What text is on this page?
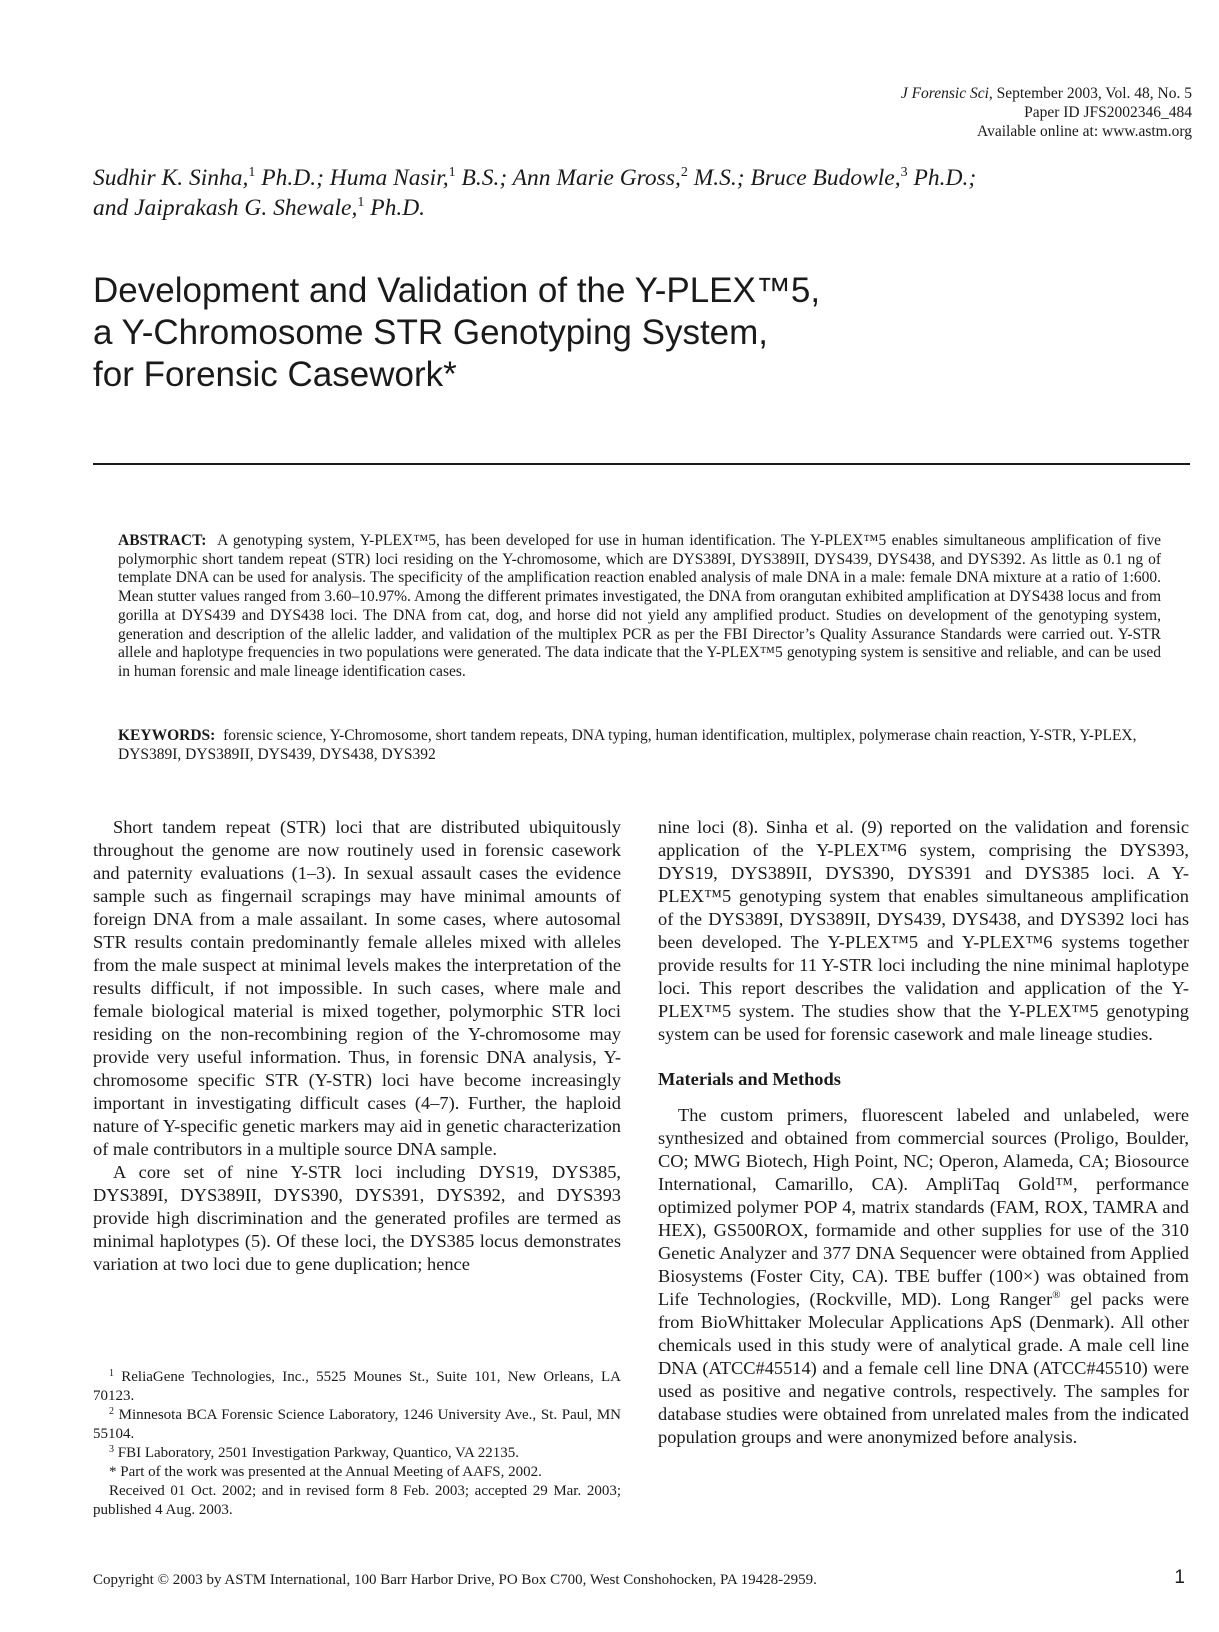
J Forensic Sci, September 2003, Vol. 48, No. 5
Paper ID JFS2002346_484
Available online at: www.astm.org
Sudhir K. Sinha,$^1$ Ph.D.; Huma Nasir,$^1$ B.S.; Ann Marie Gross,$^2$ M.S.; Bruce Budowle,$^3$ Ph.D.;
and Jaiprakash G. Shewale,$^1$ Ph.D.
Development and Validation of the Y-PLEX™5,
a Y-Chromosome STR Genotyping System,
for Forensic Casework*
ABSTRACT: A genotyping system, Y-PLEX™5, has been developed for use in human identification. The Y-PLEX™5 enables simultaneous amplification of five polymorphic short tandem repeat (STR) loci residing on the Y-chromosome, which are DYS389I, DYS389II, DYS439, DYS438, and DYS392. As little as 0.1 ng of template DNA can be used for analysis. The specificity of the amplification reaction enabled analysis of male DNA in a male: female DNA mixture at a ratio of 1:600. Mean stutter values ranged from 3.60–10.97%. Among the different primates investigated, the DNA from orangutan exhibited amplification at DYS438 locus and from gorilla at DYS439 and DYS438 loci. The DNA from cat, dog, and horse did not yield any amplified product. Studies on development of the genotyping system, generation and description of the allelic ladder, and validation of the multiplex PCR as per the FBI Director’s Quality Assurance Standards were carried out. Y-STR allele and haplotype frequencies in two populations were generated. The data indicate that the Y-PLEX™5 genotyping system is sensitive and reliable, and can be used in human forensic and male lineage identification cases.
KEYWORDS: forensic science, Y-Chromosome, short tandem repeats, DNA typing, human identification, multiplex, polymerase chain reaction, Y-STR, Y-PLEX, DYS389I, DYS389II, DYS439, DYS438, DYS392

Short tandem repeat (STR) loci that are distributed ubiquitously throughout the genome are now routinely used in forensic casework and paternity evaluations (1–3). In sexual assault cases the evidence sample such as fingernail scrapings may have minimal amounts of foreign DNA from a male assailant. In some cases, where autosomal STR results contain predominantly female alleles mixed with alleles from the male suspect at minimal levels makes the interpretation of the results difficult, if not impossible. In such cases, where male and female biological material is mixed together, polymorphic STR loci residing on the non-recombining region of the Y-chromosome may provide very useful information. Thus, in forensic DNA analysis, Y-chromosome specific STR (Y-STR) loci have become increasingly important in investigating difficult cases (4–7). Further, the haploid nature of Y-specific genetic markers may aid in genetic characterization of male contributors in a multiple source DNA sample.

A core set of nine Y-STR loci including DYS19, DYS385, DYS389I, DYS389II, DYS390, DYS391, DYS392, and DYS393 provide high discrimination and the generated profiles are termed as minimal haplotypes (5). Of these loci, the DYS385 locus demonstrates variation at two loci due to gene duplication; hence

$^1$ ReliaGene Technologies, Inc., 5525 Mounes St., Suite 101, New Orleans, LA 70123.
$^2$ Minnesota BCA Forensic Science Laboratory, 1246 University Ave., St. Paul, MN 55104.
$^3$ FBI Laboratory, 2501 Investigation Parkway, Quantico, VA 22135.
* Part of the work was presented at the Annual Meeting of AAFS, 2002.
Received 01 Oct. 2002; and in revised form 8 Feb. 2003; accepted 29 Mar. 2003; published 4 Aug. 2003.

nine loci (8). Sinha et al. (9) reported on the validation and forensic application of the Y-PLEX™6 system, comprising the DYS393, DYS19, DYS389II, DYS390, DYS391 and DYS385 loci. A Y-PLEX™5 genotyping system that enables simultaneous amplification of the DYS389I, DYS389II, DYS439, DYS438, and DYS392 loci has been developed. The Y-PLEX™5 and Y-PLEX™6 systems together provide results for 11 Y-STR loci including the nine minimal haplotype loci. This report describes the validation and application of the Y-PLEX™5 system. The studies show that the Y-PLEX™5 genotyping system can be used for forensic casework and male lineage studies.

Materials and Methods

The custom primers, fluorescent labeled and unlabeled, were synthesized and obtained from commercial sources (Proligo, Boulder, CO; MWG Biotech, High Point, NC; Operon, Alameda, CA; Biosource International, Camarillo, CA). AmpliTaq Gold™, performance optimized polymer POP 4, matrix standards (FAM, ROX, TAMRA and HEX), GS500ROX, formamide and other supplies for use of the 310 Genetic Analyzer and 377 DNA Sequencer were obtained from Applied Biosystems (Foster City, CA). TBE buffer (100×) was obtained from Life Technologies, (Rockville, MD). Long Ranger® gel packs were from BioWhittaker Molecular Applications ApS (Denmark). All other chemicals used in this study were of analytical grade. A male cell line DNA (ATCC#45514) and a female cell line DNA (ATCC#45510) were used as positive and negative controls, respectively. The samples for database studies were obtained from unrelated males from the indicated population groups and were anonymized before analysis.

Copyright © 2003 by ASTM International, 100 Barr Harbor Drive, PO Box C700, West Conshohocken, PA 19428-2959.	1
